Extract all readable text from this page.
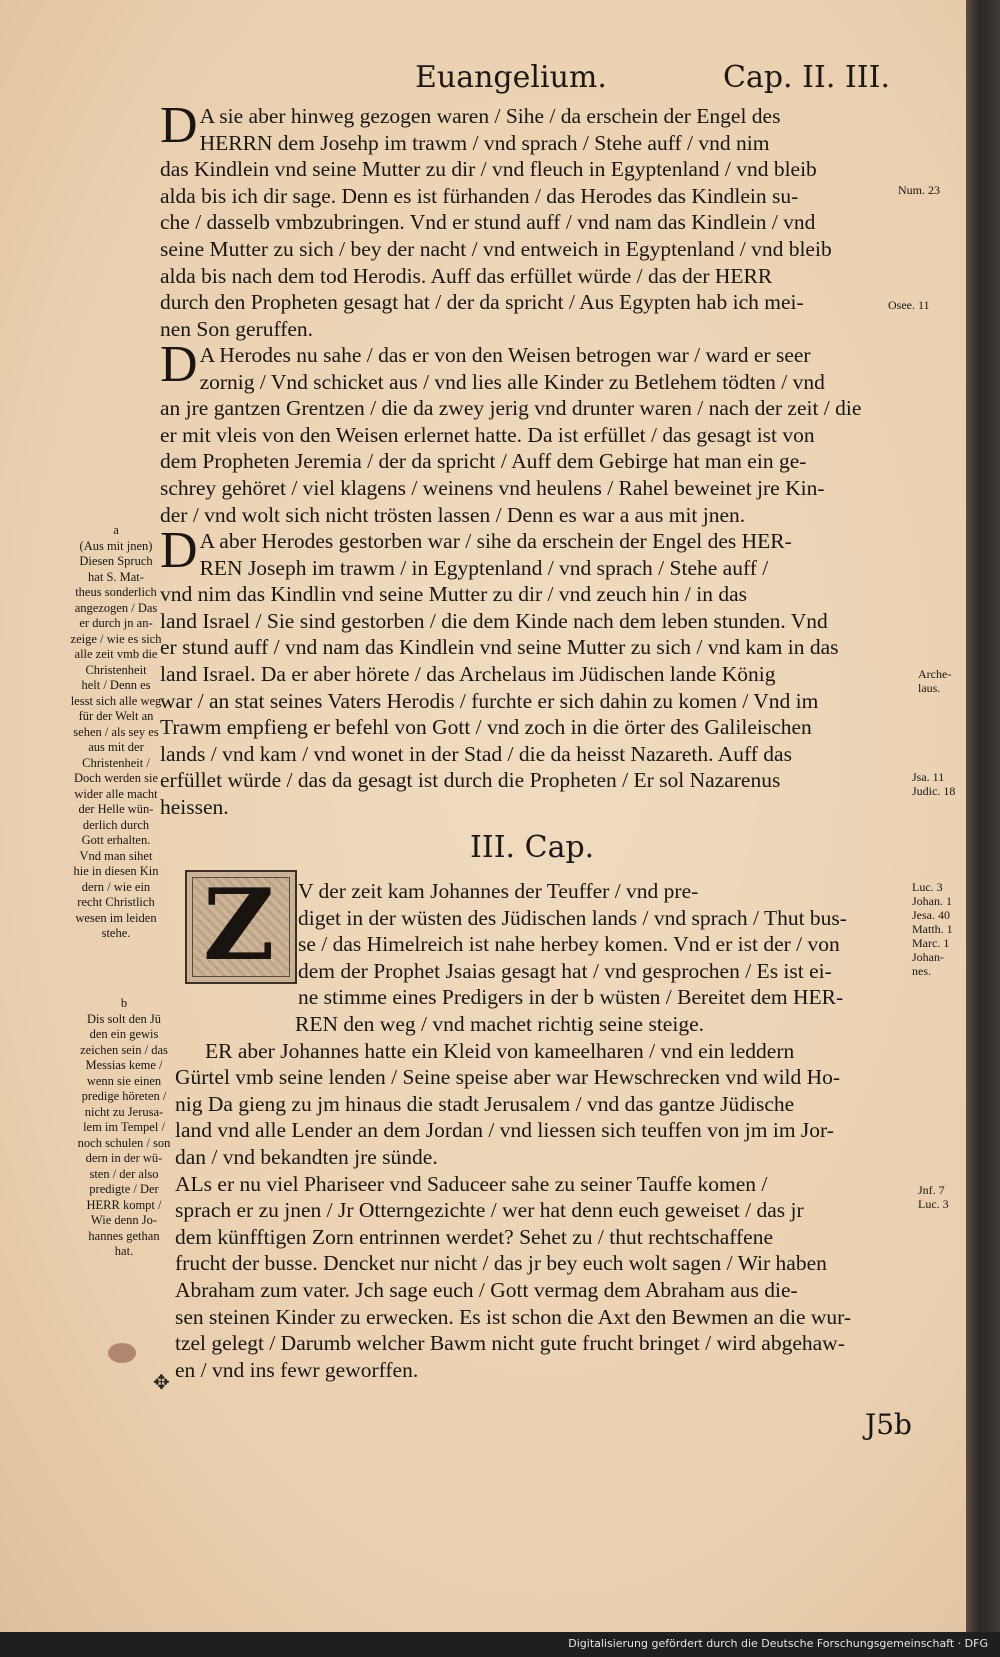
Euangelium.	Cap. II. III.
D A sie aber hinweg gezogen waren / Sihe / da erschein der Engel des
HERRN dem Josehp im trawm / vnd sprach / Stehe auff / vnd nim
das Kindlein vnd seine Mutter zu dir / vnd fleuch in Egyptenland / vnd bleib
alda bis ich dir sage. Denn es ist fürhanden / das Herodes das Kindlein su-
che / dasselb vmbzubringen. Vnd er stund auff / vnd nam das Kindlein / vnd
seine Mutter zu sich / bey der nacht / vnd entweich in Egyptenland / vnd bleib
alda bis nach dem tod Herodis. Auff das erfüllet würde / das der HERR
durch den Propheten gesagt hat / der da spricht / Aus Egypten hab ich mei-
nen Son geruffen.
D A Herodes nu sahe / das er von den Weisen betrogen war / ward er seer
zornig / Vnd schicket aus / vnd lies alle Kinder zu Betlehem tödten / vnd
an jre gantzen Grentzen / die da zwey jerig vnd drunter waren / nach der zeit / die
er mit vleis von den Weisen erlernet hatte. Da ist erfüllet / das gesagt ist von
dem Propheten Jeremia / der da spricht / Auff dem Gebirge hat man ein ge-
schrey gehöret / viel klagens / weinens vnd heulens / Rahel beweinet jre Kin-
der / vnd wolt sich nicht trösten lassen / Denn es war a aus mit jnen.
D A aber Herodes gestorben war / sihe da erschein der Engel des HER-
REN Joseph im trawm / in Egyptenland / vnd sprach / Stehe auff /
vnd nim das Kindlin vnd seine Mutter zu dir / vnd zeuch hin / in das
land Israel / Sie sind gestorben / die dem Kinde nach dem leben stunden. Vnd
er stund auff / vnd nam das Kindlein vnd seine Mutter zu sich / vnd kam in das
land Israel. Da er aber hörete / das Archelaus im Jüdischen lande König
war / an stat seines Vaters Herodis / furchte er sich dahin zu komen / Vnd im
Trawm empfieng er befehl von Gott / vnd zoch in die örter des Galileischen
lands / vnd kam / vnd wonet in der Stad / die da heisst Nazareth. Auff das
erfüllet würde / das da gesagt ist durch die Propheten / Er sol Nazarenus
heissen.
III. Cap.
Z V der zeit kam Johannes der Teuffer / vnd pre-
diget in der wüsten des Jüdischen lands / vnd sprach / Thut bus-
se / das Himelreich ist nahe herbey komen. Vnd er ist der / von
dem der Prophet Jsaias gesagt hat / vnd gesprochen / Es ist ei-
ne stimme eines Predigers in der b wüsten / Bereitet dem HER-
REN den weg / vnd machet richtig seine steige.
ER aber Johannes hatte ein Kleid von kameelharen / vnd ein leddern
Gürtel vmb seine lenden / Seine speise aber war Hewschrecken vnd wild Ho-
nig Da gieng zu jm hinaus die stadt Jerusalem / vnd das gantze Jüdische
land vnd alle Lender an dem Jordan / vnd liessen sich teuffen von jm im Jor-
dan / vnd bekandten jre sünde.
ALs er nu viel Phariseer vnd Saduceer sahe zu seiner Tauffe komen /
sprach er zu jnen / Jr Otterngezichte / wer hat denn euch geweiset / das jr
dem künfftigen Zorn entrinnen werdet? Sehet zu / thut rechtschaffene
frucht der busse. Dencket nur nicht / das jr bey euch wolt sagen / Wir haben
Abraham zum vater. Jch sage euch / Gott vermag dem Abraham aus die-
sen steinen Kinder zu erwecken. Es ist schon die Axt den Bewmen an die wur-
tzel gelegt / Darumb welcher Bawm nicht gute frucht bringet / wird abgehaw-
en / vnd ins fewr geworffen.
a
(Aus mit jnen)
Diesen Spruch
hat S. Mat-
theus sonderlich
angezogen / Das
er durch jn an-
zeige / wie es sich
alle zeit vmb die
Christenheit
helt / Denn es
lesst sich alle weg
für der Welt an
sehen / als sey es
aus mit der
Christenheit /
Doch werden sie
wider alle macht
der Helle wün-
derlich durch
Gott erhalten.
Vnd man sihet
hie in diesen Kin
dern / wie ein
recht Christlich
wesen im leiden
stehe.
b
Dis solt den Jü
den ein gewis
zeichen sein / das
Messias keme /
wenn sie einen
predige höreten /
nicht zu Jerusa-
lem im Tempel /
noch schulen / son
dern in der wü-
sten / der also
predigte / Der
HERR kompt /
Wie denn Jo-
hannes gethan
hat.
Num. 23
Osee. 11
Arche-
laus.
Jsa. 11
Judic. 18
Luc. 3
Johan. 1
Jesa. 40
Matth. 1
Marc. 1
Johan-
nes.
Jnf. 7
Luc. 3
✥
J5b
Digitalisierung gefördert durch die Deutsche Forschungsgemeinschaft · DFG
